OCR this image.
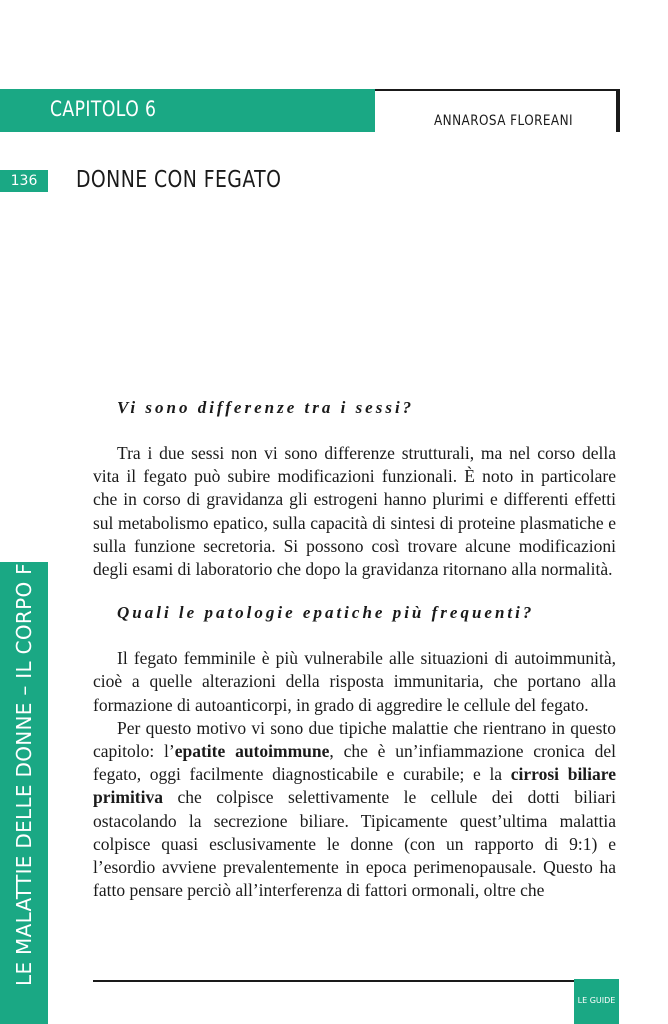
CAPITOLO 6	ANNAROSA FLOREANI
136	DONNE CON FEGATO
LE MALATTIE DELLE DONNE – IL CORPO FISICO

Vi sono differenze tra i sessi?

Tra i due sessi non vi sono differenze strutturali, ma nel corso della vita il fegato può subire modificazioni funzionali. È noto in particolare che in corso di gravidanza gli estrogeni hanno plurimi e differenti effetti sul metabolismo epatico, sulla capacità di sintesi di proteine plasmatiche e sulla funzione secretoria. Si possono così trovare alcune modificazioni degli esami di laboratorio che dopo la gravidanza ritornano alla normalità.

Quali le patologie epatiche più frequenti?

Il fegato femminile è più vulnerabile alle situazioni di autoimmunità, cioè a quelle alterazioni della risposta immunitaria, che portano alla formazione di autoanticorpi, in grado di aggredire le cellule del fegato.

Per questo motivo vi sono due tipiche malattie che rientrano in questo capitolo: l’epatite autoimmune, che è un’infiammazione cronica del fegato, oggi facilmente diagnosticabile e curabile; e la cirrosi biliare primitiva che colpisce selettivamente le cellule dei dotti biliari ostacolando la secrezione biliare. Tipicamente quest’ultima malattia colpisce quasi esclusivamente le donne (con un rapporto di 9:1) e l’esordio avviene prevalentemente in epoca perimenopausale. Questo ha fatto pensare perciò all’interferenza di fattori ormonali, oltre che

LE GUIDE
